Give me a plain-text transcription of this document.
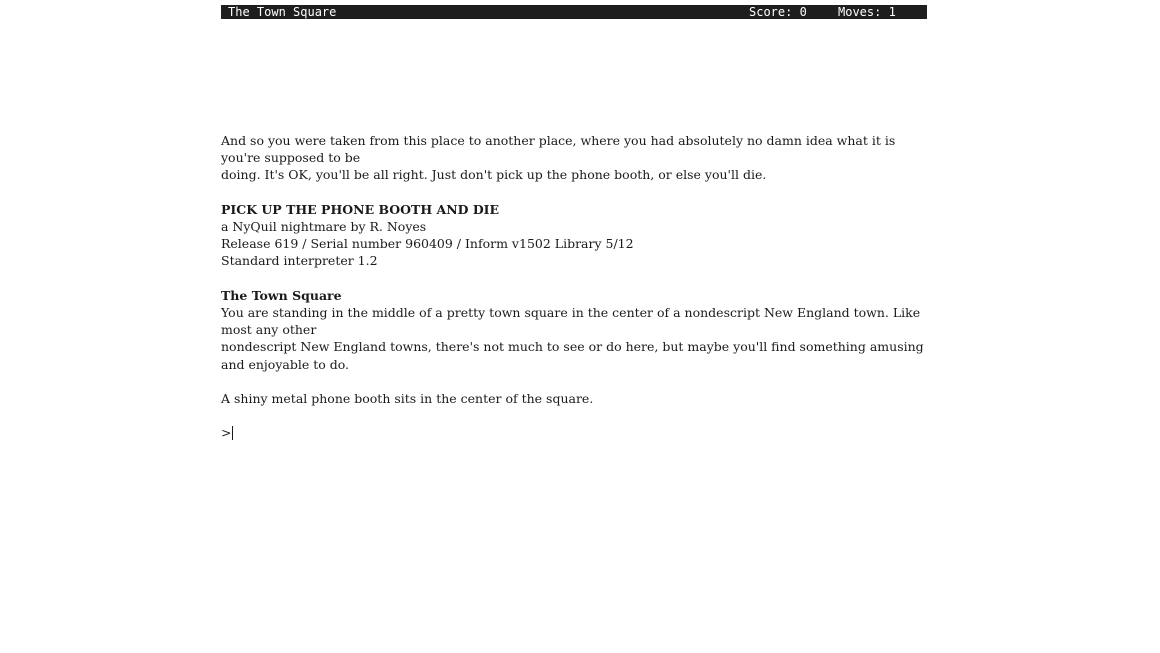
The Town Square

	Score: 0

	Moves: 1

And so you were taken from this place to another place, where you had absolutely no damn idea what it is you're supposed to be

doing. It's OK, you'll be all right. Just don't pick up the phone booth, or else you'll die.

PICK UP THE PHONE BOOTH AND DIE

a NyQuil nightmare by R. Noyes

Release 619 / Serial number 960409 / Inform v1502 Library 5/12

Standard interpreter 1.2

The Town Square

You are standing in the middle of a pretty town square in the center of a nondescript New England town. Like most any other

nondescript New England towns, there's not much to see or do here, but maybe you'll find something amusing and enjoyable to do.

A shiny metal phone booth sits in the center of the square.

>
